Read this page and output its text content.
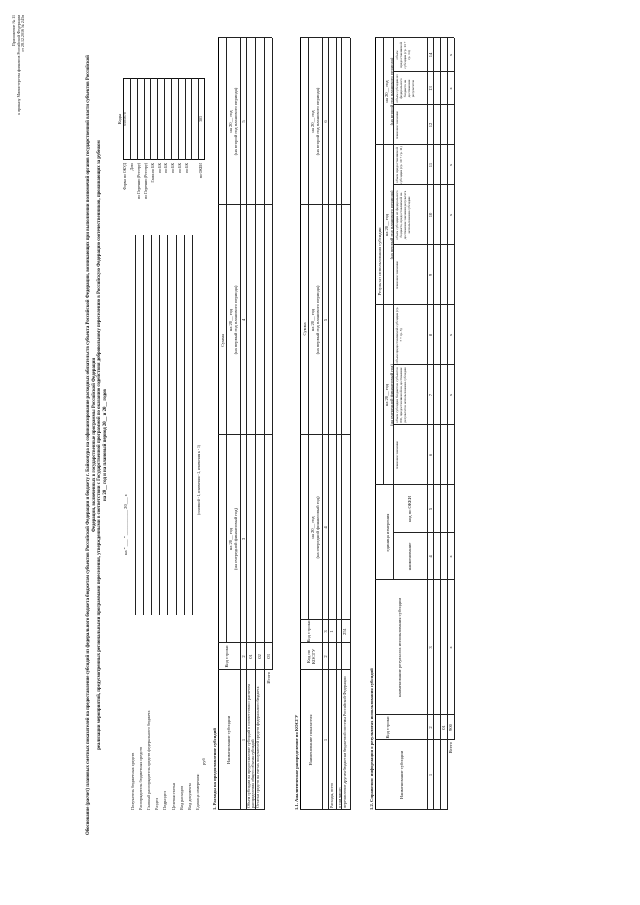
Приложение № 11 к приказу Министерства финансов Российской Федерации от 28.12.2016 № 243н
Обоснование (расчет) плановых сметных показателей на предоставление субсидий из федерального бюджета бюджетам субъектов Российской Федерации и бюджету г. Байконура на софинансирование расходных обязательств субъекта Российской Федерации, возникающих при выполнении полномочий органов государственной власти субъектов Российской Федерации, включенных в государственные программы Российской Федерации реализации мероприятий, предусмотренных региональными программами переселения, утвержденными в соответствии с Государственной программой по оказанию содействия добровольному переселению в Российскую Федерацию соотечественников, проживающих за рубежом на 20__ год и на плановый период 20__ и 20__ годов
на " ___ " ___________ 20___ г.
Коды
Форма по ОКУД
0505678
Дата по Перечню (Реестру) по Перечню (Реестру) Глава по БК по БК по БК по БК по БК по БК	по ОКЕИ
383
Получатель бюджетных средств Распорядитель бюджетных средств Главный распорядитель средств федерального бюджета Раздел Подраздел Целевая статья Вид расходов Вид документа Единица измерения:
(основной - 1, изменения - 2, изменения к - 3)
руб 1. Расходы на предоставление субсидий Наименование субсидии
Код строки
Сумма
на 20__ год (на очередной финансовый год)
на 20__ год (на первый год планового периода)
на 20__ год (на второй год планового периода)
1
2
3
4
5
Объем субсидии на предоставление субсидий в соответствии с расчетом распределения общего объема субсидий
01
Остатки средств на счетах получателей средств федерального бюджета
02
Итого
03
1.1. Аналитическое распределение по КОСГУ Наименование показателя
Код по КОСГУ
Код строки
Сумма
на 20__ год (на очередной финансовый год)
на 20__ год (на первый год планового периода)
на 20__ год (на второй год планового периода)
1
2
3
4
5
6
Расходы, всего
1
в том числе: перечисление другим бюджетам бюджетной системы Российской Федерации
251
1.2. Справочно: информация о результатах использования субсидий	Наименование субсидии
Код строки
наименование результата использования субсидии
единица измерения
наименование
код по ОКЕИ
Результат использования субсидии
на 20__ год (на очередной финансовый год)
плановое значение
объем субсидии бюджетам субъектов РФ, предоставляемой на достижение результатов использования субсидии
объем предоставляемой субсидии (гр. 7 + гр. 8)
на 20__ год (на первый год планового периода)
плановое значение
объем субсидии из федерального бюджета, предоставляемой на достижение значения результата использования субсидии
объем предоставляемой субсидии (гр. 10 + гр. 11)
на 20__ год (на второй год планового периода) плановое значение
объем субсидии из федерального бюджета на достижение результатов
объем предоставляемой субсидии (гр. 13 + гр. 14)
1
2
3
4
5
6
7
8
9
10
11
12
13
14
01 900
Всего
x
x
x
x
x
x
x
x
